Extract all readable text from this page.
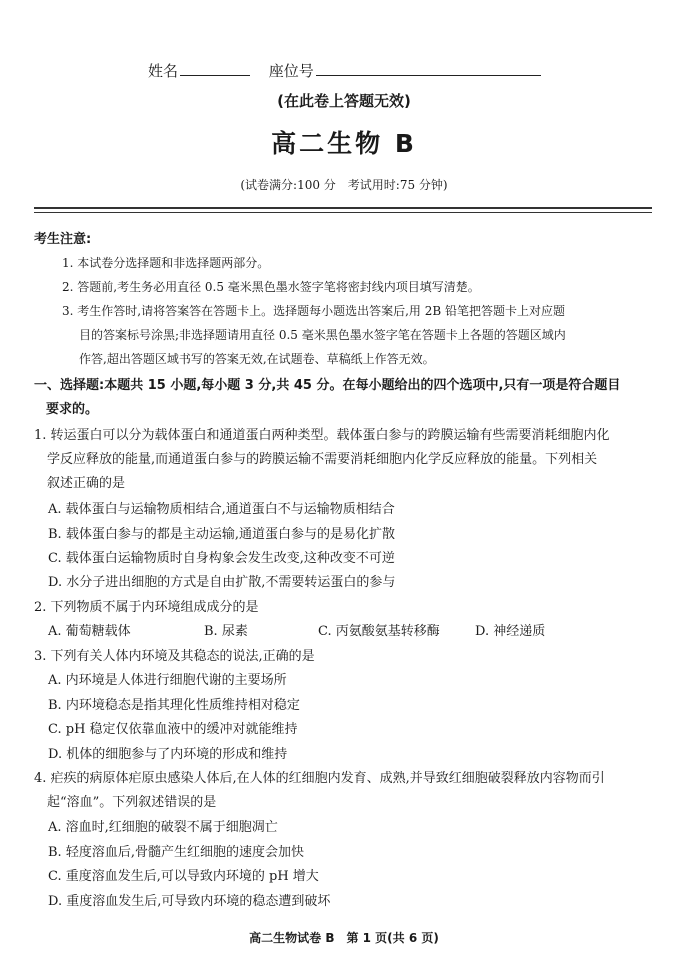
姓名	座位号
(在此卷上答题无效)
高二生物 B
(试卷满分:100 分　考试用时:75 分钟)
考生注意:
1. 本试卷分选择题和非选择题两部分。
2. 答题前,考生务必用直径 0.5 毫米黑色墨水签字笔将密封线内项目填写清楚。
3. 考生作答时,请将答案答在答题卡上。选择题每小题选出答案后,用 2B 铅笔把答题卡上对应题
目的答案标号涂黑;非选择题请用直径 0.5 毫米黑色墨水签字笔在答题卡上各题的答题区域内
作答,超出答题区域书写的答案无效,在试题卷、草稿纸上作答无效。
一、选择题:本题共 15 小题,每小题 3 分,共 45 分。在每小题给出的四个选项中,只有一项是符合题目
要求的。
1. 转运蛋白可以分为载体蛋白和通道蛋白两种类型。载体蛋白参与的跨膜运输有些需要消耗细胞内化
学反应释放的能量,而通道蛋白参与的跨膜运输不需要消耗细胞内化学反应释放的能量。下列相关
叙述正确的是
A. 载体蛋白与运输物质相结合,通道蛋白不与运输物质相结合
B. 载体蛋白参与的都是主动运输,通道蛋白参与的是易化扩散
C. 载体蛋白运输物质时自身构象会发生改变,这种改变不可逆
D. 水分子进出细胞的方式是自由扩散,不需要转运蛋白的参与
2. 下列物质不属于内环境组成成分的是
A. 葡萄糖载体	B. 尿素	C. 丙氨酸氨基转移酶	D. 神经递质
3. 下列有关人体内环境及其稳态的说法,正确的是
A. 内环境是人体进行细胞代谢的主要场所
B. 内环境稳态是指其理化性质维持相对稳定
C. pH 稳定仅依靠血液中的缓冲对就能维持
D. 机体的细胞参与了内环境的形成和维持
4. 疟疾的病原体疟原虫感染人体后,在人体的红细胞内发育、成熟,并导致红细胞破裂释放内容物而引
起“溶血”。下列叙述错误的是
A. 溶血时,红细胞的破裂不属于细胞凋亡
B. 轻度溶血后,骨髓产生红细胞的速度会加快
C. 重度溶血发生后,可以导致内环境的 pH 增大
D. 重度溶血发生后,可导致内环境的稳态遭到破坏
高二生物试卷 B　第 1 页(共 6 页)
